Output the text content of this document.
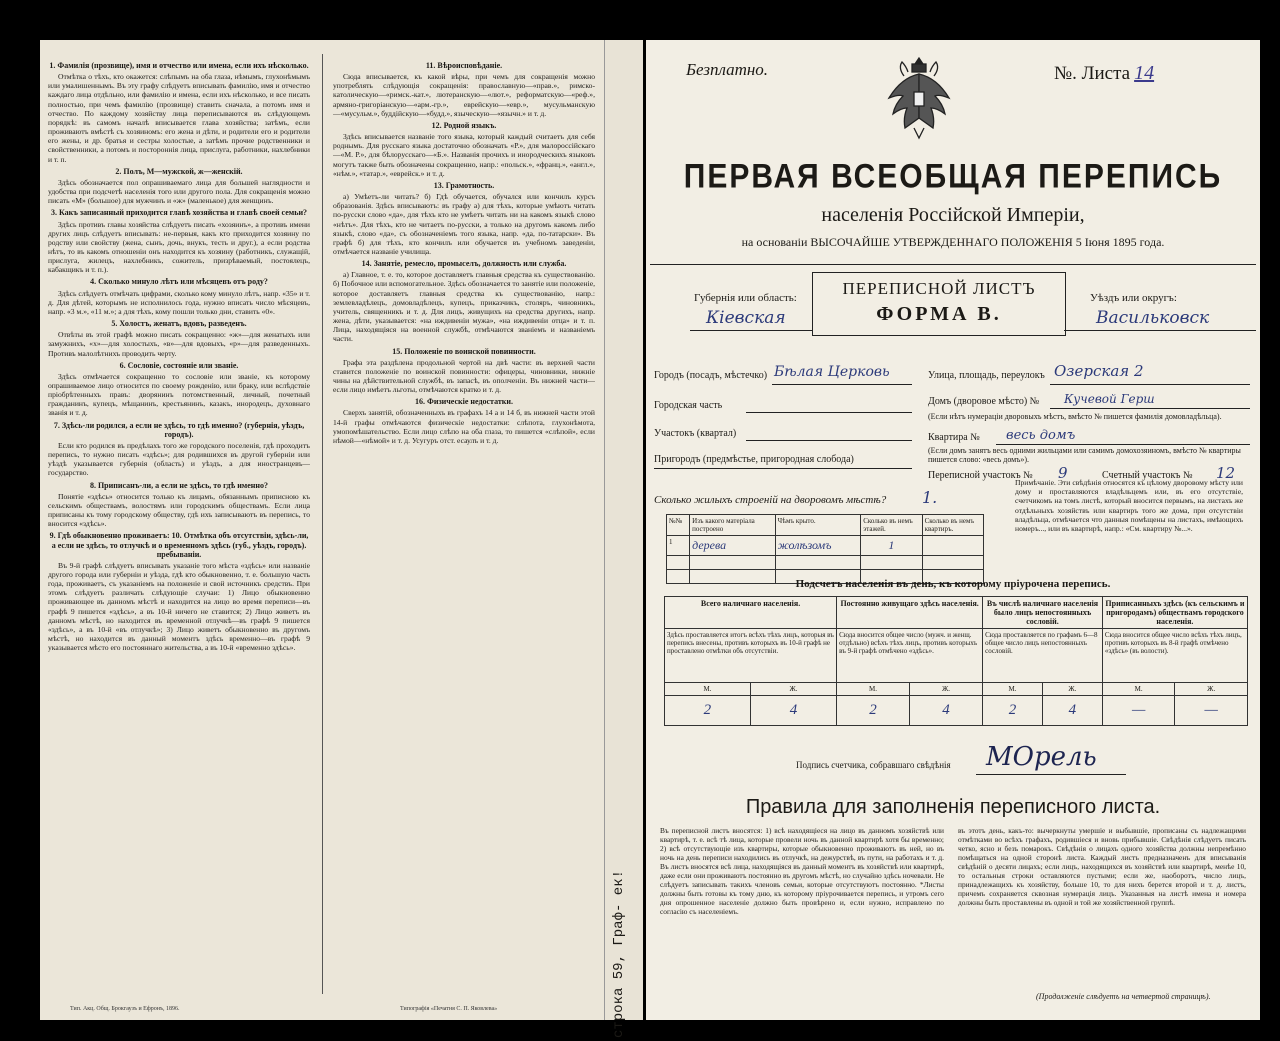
1. Фамилія (прозвище), имя и отчество или имена, если ихъ нѣсколько.

Отмѣтка о тѣхъ, кто окажется: слѣпымъ на оба глаза, нѣмымъ, глухонѣмымъ или умалишеннымъ. Въ эту графу слѣдуетъ вписывать фамилію, имя и отчество каждаго лица отдѣльно, или фамилію и имена, если ихъ нѣсколько, и все писать полностью, при чемъ фамилію (прозвище) ставить сначала, а потомъ имя и отчество. По каждому хозяйству лица переписываются въ слѣдующемъ порядкѣ: въ самомъ началѣ вписывается глава хозяйства; затѣмъ, если проживаютъ вмѣстѣ съ хозяиномъ: его жена и дѣти, и родители его и родители его жены, и др. братья и сестры холостые, а затѣмъ прочие родственники и свойственники, а потомъ и постороннія лица, прислуга, работники, нахлебники и т. п.

2. Полъ, М—мужской, ж—женскій.

Здѣсь обозначается пол опрашиваемаго лица для большей наглядности и удобства при подсчетѣ населенія того или другого пола. Для сокращенія можно писать «М» (большое) для мужчинъ и «ж» (маленькое) для женщинъ.

3. Какъ записанный приходится главѣ хозяйства и главѣ своей семьи?

Здѣсь противъ главы хозяйства слѣдуетъ писать «хозяинъ», а противъ имени других лицъ слѣдуетъ вписывать: не-первыя, какъ кто приходится хозяину по родству или свойству (жена, сынъ, дочь, внукъ, тесть и друг.), а если родства нѣтъ, то въ какомъ отношеніи онъ находится къ хозяину (работникъ, служащій, прислуга, жилецъ, нахлебникъ, сожитель, призрѣваемый, постоялецъ, кабакщикъ и т. п.).

4. Сколько минуло лѣтъ или мѣсяцевъ отъ роду?

Здѣсь слѣдуетъ отмѣчать цифрами, сколько кому минуло лѣтъ, напр. «35» и т. д. Для дѣтей, которымъ не исполнилось года, нужно вписать число мѣсяцевъ, напр. «3 м.», «11 м.»; а для тѣхъ, кому пошли только дни, ставить «0».

5. Холостъ, женатъ, вдовъ, разведенъ.

Отвѣты въ этой графѣ можно писать сокращенно: «ж»—для женатыхъ или замужнихъ, «х»—для холостыхъ, «в»—для вдовыхъ, «р»—для разведенныхъ. Противъ малолѣтнихъ проводить черту.

6. Сословіе, состояніе или званіе.

Здѣсь отмѣчается сокращенно то сословіе или званіе, къ которому опрашиваемое лицо относится по своему рожденію, или браку, или вслѣдствіе пріобрѣтенныхъ правъ: дворянинъ потомственный, личный, почетный гражданинъ, купецъ, мѣщанинъ, крестьянинъ, казакъ, инородецъ, духовнаго званія и т. д.

7. Здѣсь-ли родился, а если не здѣсь, то гдѣ именно? (губернія, уѣздъ, городъ).

Если кто родился въ предѣлахъ того же городского поселенія, гдѣ проходитъ перепись, то нужно писать «здѣсь»; для родившихся въ другой губерніи или уѣздѣ указывается губернія (область) и уѣздъ, а для иностранцевъ—государство.

8. Приписанъ-ли, а если не здѣсь, то гдѣ именно?

Понятіе «здѣсь» относится только къ лицамъ, обязаннымъ приписною къ сельскимъ обществамъ, волостямъ или городскимъ обществамъ. Если лица приписаны къ тому городскому обществу, гдѣ ихъ записываютъ въ перепись, то вносится «здѣсь».

9. Гдѣ обыкновенно проживаетъ: 10. Отмѣтка объ отсутствіи, здѣсь-ли, а если не здѣсь, то отлучкѣ и о временномъ здѣсь (губ., уѣздъ, городъ). пребываніи.

Въ 9-й графѣ слѣдуетъ вписывать указаніе того мѣста «здѣсь» или названіе другого города или губерніи и уѣзда, гдѣ кто обыкновенно, т. е. большую часть года, проживаетъ, съ указаніемъ на положеніе и свой источникъ средствъ. При этомъ слѣдуетъ различать слѣдующіе случаи: 1) Лицо обыкновенно проживающее въ данномъ мѣстѣ и находится на лицо во время переписи—въ графѣ 9 пишется «здѣсь», а въ 10-й ничего не ставится; 2) Лицо живетъ въ данномъ мѣстѣ, но находится въ временной отлучкѣ—въ графѣ 9 пишется «здѣсь», а въ 10-й «въ отлучкѣ»; 3) Лицо живетъ обыкновенно въ другомъ мѣстѣ, но находится въ данный моментъ здѣсь временно—въ графѣ 9 указывается мѣсто его постояннаго жительства, а въ 10-й «временно здѣсь».

11. Вѣроисповѣданіе.

Сюда вписывается, къ какой вѣры, при чемъ для сокращенія можно употреблять слѣдующія сокращенія: православную—«прав.», римско-католическую—«римск.-кат.», лютеранскую—«лют.», реформатскую—«реф.», армяно-григоріанскую—«арм.-гр.», еврейскую—«евр.», мусульманскую—«мусульм.», буддійскую—«будд.», языческую—«язычн.» и т. д.

12. Родной языкъ.

Здѣсь вписывается названіе того языка, который каждый считаетъ для себя роднымъ. Для русскаго языка достаточно обозначать «Р.», для малороссійскаго—«М. Р.», для бѣлорусскаго—«Б.». Названія прочихъ и инородческихъ языковъ могутъ также быть обозначены сокращенно, напр.: «польск.», «франц.», «англ.», «нѣм.», «татар.», «еврейск.» и т. д.

13. Грамотность.

а) Умѣетъ-ли читать? б) Гдѣ обучается, обучался или кончилъ курсъ образованія. Здѣсь вписываютъ: въ графу а) для тѣхъ, которые умѣютъ читать по-русски слово «да», для тѣхъ кто не умѣетъ читать ни на какомъ языкѣ слово «нѣтъ». Для тѣхъ, кто не читаетъ по-русски, а только на другомъ какомъ либо языкѣ, слово «да», съ обозначеніемъ того языка, напр. «да, по-татарски». Въ графѣ б) для тѣхъ, кто кончилъ или обучается въ учебномъ заведеніи, отмѣчается названіе училища.

14. Занятіе, ремесло, промыселъ, должность или служба.

а) Главное, т. е. то, которое доставляетъ главныя средства къ существованію. б) Побочное или вспомогательное. Здѣсь обозначается то занятіе или положеніе, которое доставляетъ главныя средства къ существованію, напр.: землевладѣлецъ, домовладѣлецъ, купецъ, приказчикъ, столяръ, чиновникъ, учитель, священникъ и т. д. Для лицъ, живущихъ на средства другихъ, напр. жена, дѣти, указывается: «на иждивеніи мужа», «на иждивеніи отца» и т. п. Лица, находящіяся на военной службѣ, отмѣчаются званіемъ и названіемъ части.

15. Положеніе по воинской повинности.

Графа эта раздѣлена продольной чертой на двѣ части: въ верхней части ставится положеніе по воинской повинности: офицеры, чиновники, нижніе чины на дѣйствительной службѣ, въ запасѣ, въ ополченіи. Въ нижней части—если лицо имѣетъ льготы, отмѣчаются кратко и т. д.

16. Физическіе недостатки.

Сверхъ занятій, обозначенныхъ въ графахъ 14 а и 14 б, въ нижней части этой 14-й графы отмѣчаются физическіе недостатки: слѣпота, глухонѣмота, умопомѣшательство. Если лицо слѣпо на оба глаза, то пишется «слѣпой», если нѣмой—«нѣмой» и т. д. Усугуръ отст. есаулъ и т. д.

Тип. Акц. Общ. Брокгаузъ и Ефронъ, 1896.	Типографія «Печатня С. П. Яковлева»	строка 59, Граф- ек!
Безплатно.	№. Листа 14
ПЕРВАЯ ВСЕОБЩАЯ ПЕРЕПИСЬ
населенія Россійской Имперіи,
на основаніи ВЫСОЧАЙШЕ УТВЕРЖДЕННАГО ПОЛОЖЕНІЯ 5 Іюня 1895 года.
Губернія или область:
Кіевская
ПЕРЕПИСНОЙ ЛИСТЪ
ФОРМА В.
Уѣздъ или округъ:
Васильковск
Городъ (посадъ, мѣстечко) Бѣлая Церковь	Улица, площадь, переулокъ Озерская 2
Городская часть	Домъ (дворовое мѣсто) № Кучевой Герш
(Если нѣтъ нумераціи дворовыхъ мѣстъ, вмѣсто № пишется фамилія домовладѣльца).
Участокъ (квартал)	Квартира № весь домъ
(Если домъ занятъ весь одними жильцами или самимъ домохозяиномъ, вмѣсто № квартиры пишется слово: «весь домъ»).
Пригородъ (предмѣстье, пригородная слобода)
Переписной участокъ № 9	Счетный участокъ № 12
Сколько жилыхъ строеній на дворовомъ мѣстѣ? 1.
№№	Изъ какого матеріала построено	Чѣмъ крыто.	Сколько въ немъ этажей.	Сколько въ немъ квартиръ.
1	дерева	жолѣзомъ	1	

Примѣчаніе. Эти свѣдѣнія относятся къ цѣлому дворовому мѣсту или дому и проставляются владѣльцемъ или, въ его отсутствіе, счетчикомъ на томъ листѣ, который вносится первымъ, на листахъ же отдѣльныхъ хозяйствъ или квартиръ того же дома, при отсутствіи владѣльца, отмѣчается что данныя помѣщены на листахъ, имѣющихъ номеръ..., или въ квартирѣ, напр.: «См. квартиру №...».
Подсчетъ населенія въ день, къ которому пріурочена перепись.
Всего наличнаго населенія.		Постоянно живущаго здѣсь населенія.		Въ числѣ наличнаго населенія было лицъ непостоянныхъ сословій.		Приписанныхъ здѣсь (къ сельскимъ и пригородамъ) обществамъ городского населенія.	
Здѣсь проставляется итогъ всѣхъ тѣхъ лицъ, которыя въ перепись внесены, противъ которыхъ въ 10-й графѣ не проставлено отмѣтки объ отсутствіи.		Сюда вносится общее число (мужч. и женщ. отдѣльно) всѣхъ тѣхъ лицъ, противъ которыхъ въ 9-й графѣ отмѣчено «здѣсь».		Сюда проставляется по графамъ 6—8 общее число лицъ непостоянныхъ сословій.		Сюда вносится общее число всѣхъ тѣхъ лицъ, противъ которыхъ въ 8-й графѣ отмѣчено «здѣсь» (въ волости).	
М.	Ж.	М.	Ж.	М.	Ж.	М.	Ж.
2	4	2	4	2	4	—	—
Подпись счетчика, собравшаго свѣдѣнія МОрель
Правила для заполненія переписного листа.
Въ переписной листъ вносятся: 1) всѣ находящіеся на лицо въ данномъ хозяйствѣ или квартирѣ, т. е. всѣ тѣ лица, которые провели ночь въ данной квартирѣ хотя бы временно; 2) всѣ отсутствующіе изъ квартиры, которые обыкновенно проживаютъ въ ней, но въ ночь на день переписи находились въ отлучкѣ, на дежурствѣ, въ пути, на работахъ и т. д. Въ листъ вносятся всѣ лица, находящіяся въ данный моментъ въ хозяйствѣ или квартирѣ, даже если они проживаютъ постоянно въ другомъ мѣстѣ, но случайно здѣсь ночевали. Не слѣдуетъ записывать такихъ членовъ семьи, которые отсутствуютъ постоянно. *Листы должны быть готовы къ тому дню, къ которому пріурочивается перепись, и утромъ сего дня опрошенное населеніе должно быть провѣрено и, если нужно, исправлено по согласію съ населеніемъ.
въ этотъ день, какъ-то: вычеркнуты умершіе и выбывшіе, прописаны съ надлежащими отмѣтками во всѣхъ графахъ, родившіеся и вновь прибывшіе. Свѣдѣнія слѣдуетъ писать четко, ясно и безъ помарокъ. Свѣдѣнія о лицахъ одного хозяйства должны непремѣнно помѣщаться на одной сторонѣ листа. Каждый листъ предназначенъ для вписыванія свѣдѣній о десяти лицахъ; если лицъ, находящихся въ хозяйствѣ или квартирѣ, менѣе 10, то остальныя строки оставляются пустыми; если же, наоборотъ, число лицъ, принадлежащихъ къ хозяйству, больше 10, то для нихъ берется второй и т. д. листъ, причемъ сохраняется сквозная нумерація лицъ. Указанныя на листѣ имена и номера должны быть проставлены въ одной и той же хозяйственной группѣ.
(Продолженіе слѣдуетъ на четвертой страницѣ).
